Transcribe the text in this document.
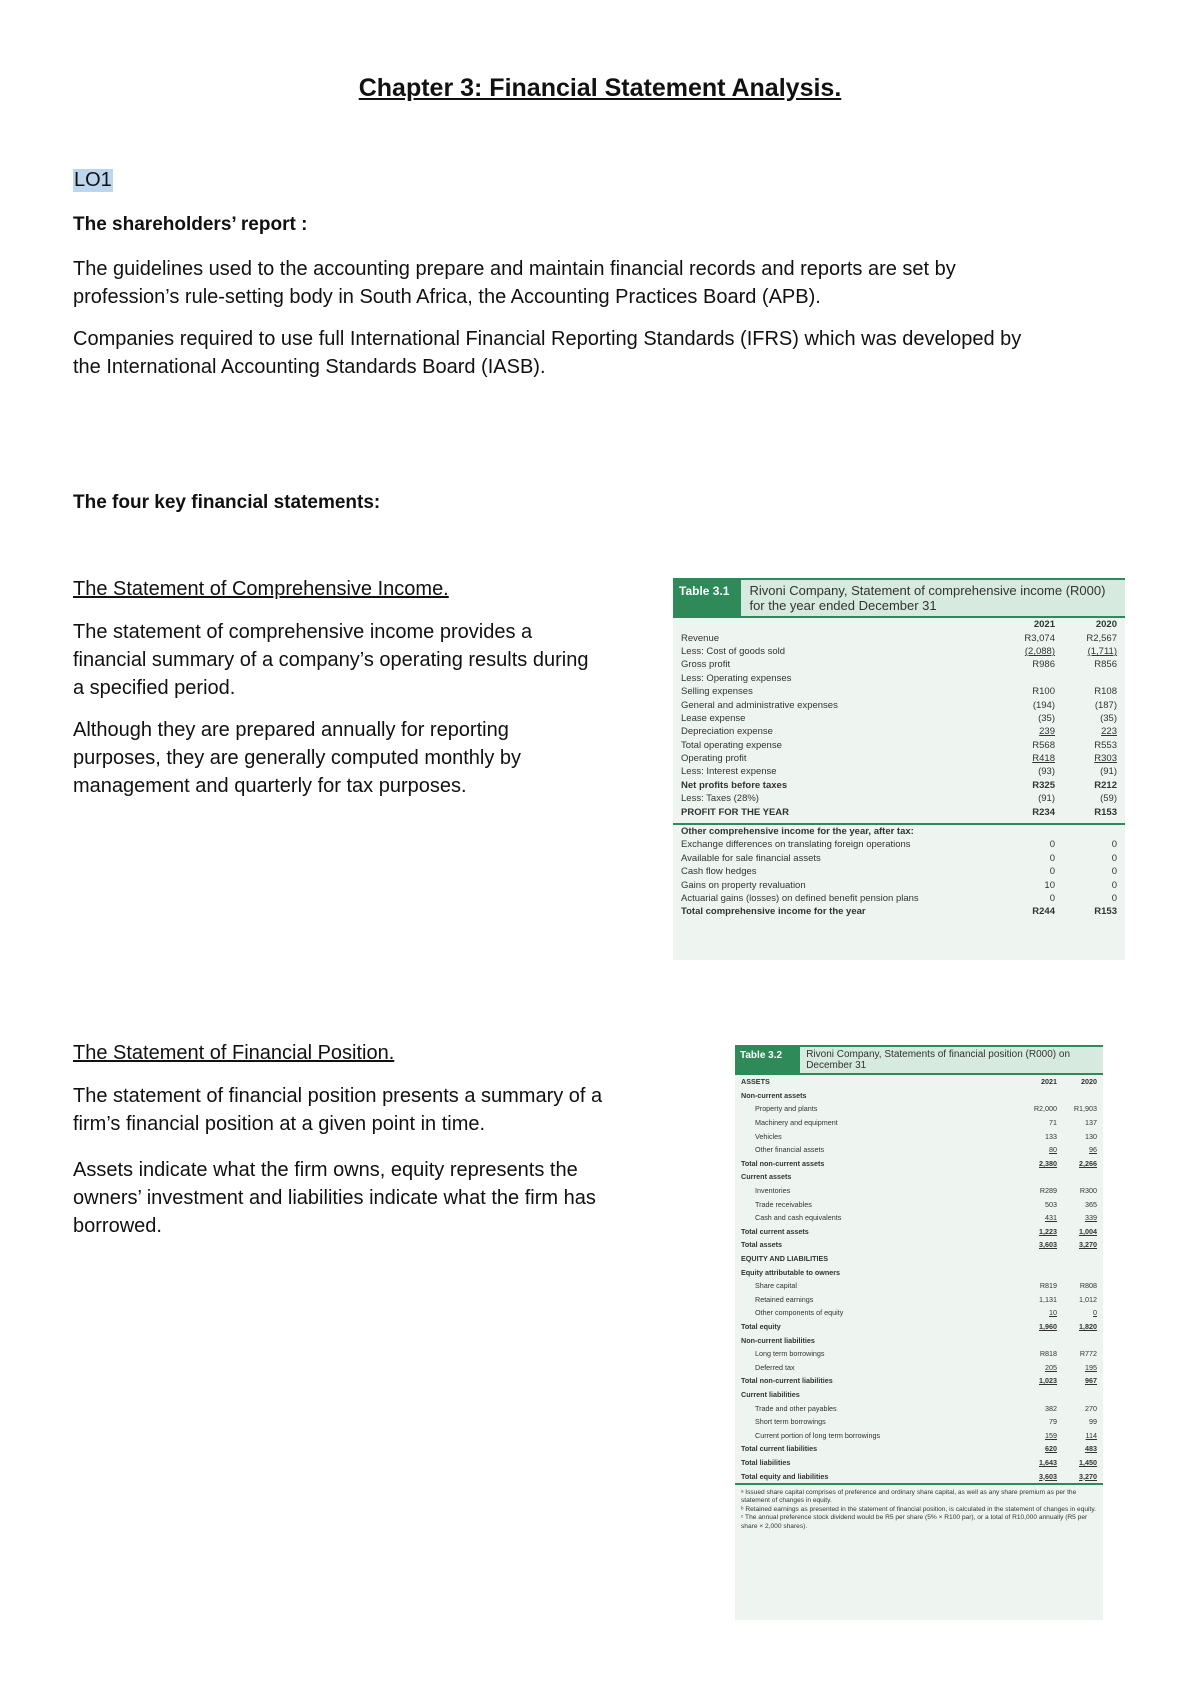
Chapter 3: Financial Statement Analysis.
LO1
The shareholders’ report :
The guidelines used to the accounting prepare and maintain financial records and reports are set by
profession’s rule-setting body in South Africa, the Accounting Practices Board (APB).
Companies required to use full International Financial Reporting Standards (IFRS) which was developed by
the International Accounting Standards Board (IASB).
The four key financial statements:
The Statement of Comprehensive Income.
The statement of comprehensive income provides a
financial summary of a company’s operating results during
a specified period.
Although they are prepared annually for reporting
purposes, they are generally computed monthly by
management and quarterly for tax purposes.
Table 3.1	Rivoni Company, Statement of comprehensive income (R000) for the year ended December 31
2021	2020
Revenue	R3,074	R2,567
Less: Cost of goods sold	(2,088)	(1,711)
Gross profit	R986	R856
Less: Operating expenses
Selling expenses	R100	R108
General and administrative expenses	(194)	(187)
Lease expense	(35)	(35)
Depreciation expense	239	223
Total operating expense	R568	R553
Operating profit	R418	R303
Less: Interest expense	(93)	(91)
Net profits before taxes	R325	R212
Less: Taxes (28%)	(91)	(59)
PROFIT FOR THE YEAR	R234	R153
Other comprehensive income for the year, after tax:
Exchange differences on translating foreign operations	0	0
Available for sale financial assets	0	0
Cash flow hedges	0	0
Gains on property revaluation	10	0
Actuarial gains (losses) on defined benefit pension plans	0	0
Total comprehensive income for the year	R244	R153
The Statement of Financial Position.
The statement of financial position presents a summary of a
firm’s financial position at a given point in time.
Assets indicate what the firm owns, equity represents the
owners’ investment and liabilities indicate what the firm has
borrowed.
Table 3.2	Rivoni Company, Statements of financial position (R000) on December 31
ASSETS	2021	2020
Non-current assets
Property and plants	R2,000	R1,903
Machinery and equipment	71	137
Vehicles	133	130
Other financial assets	80	96
Total non-current assets	2,380	2,266
Current assets
Inventories	R289	R300
Trade receivables	503	365
Cash and cash equivalents	431	339
Total current assets	1,223	1,004
Total assets	3,603	3,270
EQUITY AND LIABILITIES
Equity attributable to owners
Share capital	R819	R808
Retained earnings	1,131	1,012
Other components of equity	10	0
Total equity	1,960	1,820
Non-current liabilities
Long term borrowings	R818	R772
Deferred tax	205	195
Total non-current liabilities	1,023	967
Current liabilities
Trade and other payables	382	270
Short term borrowings	79	99
Current portion of long term borrowings	159	114
Total current liabilities	620	483
Total liabilities	1,643	1,450
Total equity and liabilities	3,603	3,270
ᵃ Issued share capital comprises of preference and ordinary share capital, as well as any share premium as per the statement of changes in equity.
ᵇ Retained earnings as presented in the statement of financial position, is calculated in the statement of changes in equity.
ᶜ The annual preference stock dividend would be R5 per share (5% × R100 par), or a total of R10,000 annually (R5 per share × 2,000 shares).
